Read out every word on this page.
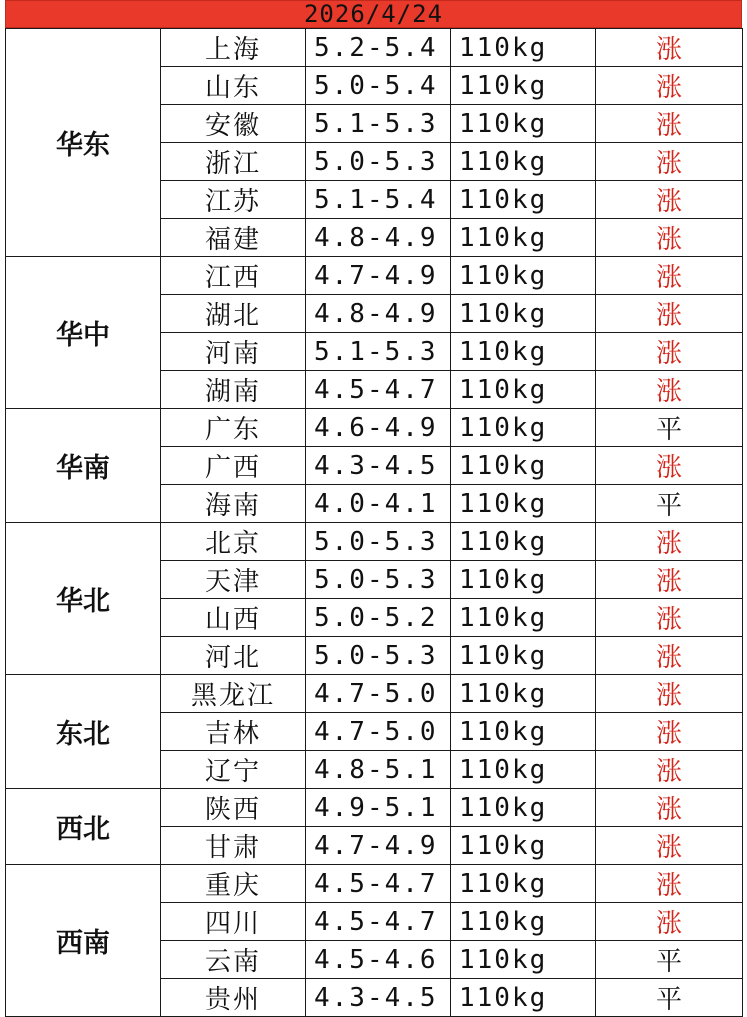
2026/4/24
华东	上海	5.2-5.4	110kg	涨
	山东	5.0-5.4	110kg	涨
	安徽	5.1-5.3	110kg	涨
	浙江	5.0-5.3	110kg	涨
	江苏	5.1-5.4	110kg	涨
	福建	4.8-4.9	110kg	涨
华中	江西	4.7-4.9	110kg	涨
	湖北	4.8-4.9	110kg	涨
	河南	5.1-5.3	110kg	涨
	湖南	4.5-4.7	110kg	涨
华南	广东	4.6-4.9	110kg	平
	广西	4.3-4.5	110kg	涨
	海南	4.0-4.1	110kg	平
华北	北京	5.0-5.3	110kg	涨
	天津	5.0-5.3	110kg	涨
	山西	5.0-5.2	110kg	涨
	河北	5.0-5.3	110kg	涨
东北	黑龙江	4.7-5.0	110kg	涨
	吉林	4.7-5.0	110kg	涨
	辽宁	4.8-5.1	110kg	涨
西北	陕西	4.9-5.1	110kg	涨
	甘肃	4.7-4.9	110kg	涨
西南	重庆	4.5-4.7	110kg	涨
	四川	4.5-4.7	110kg	涨
	云南	4.5-4.6	110kg	平
	贵州	4.3-4.5	110kg	平
